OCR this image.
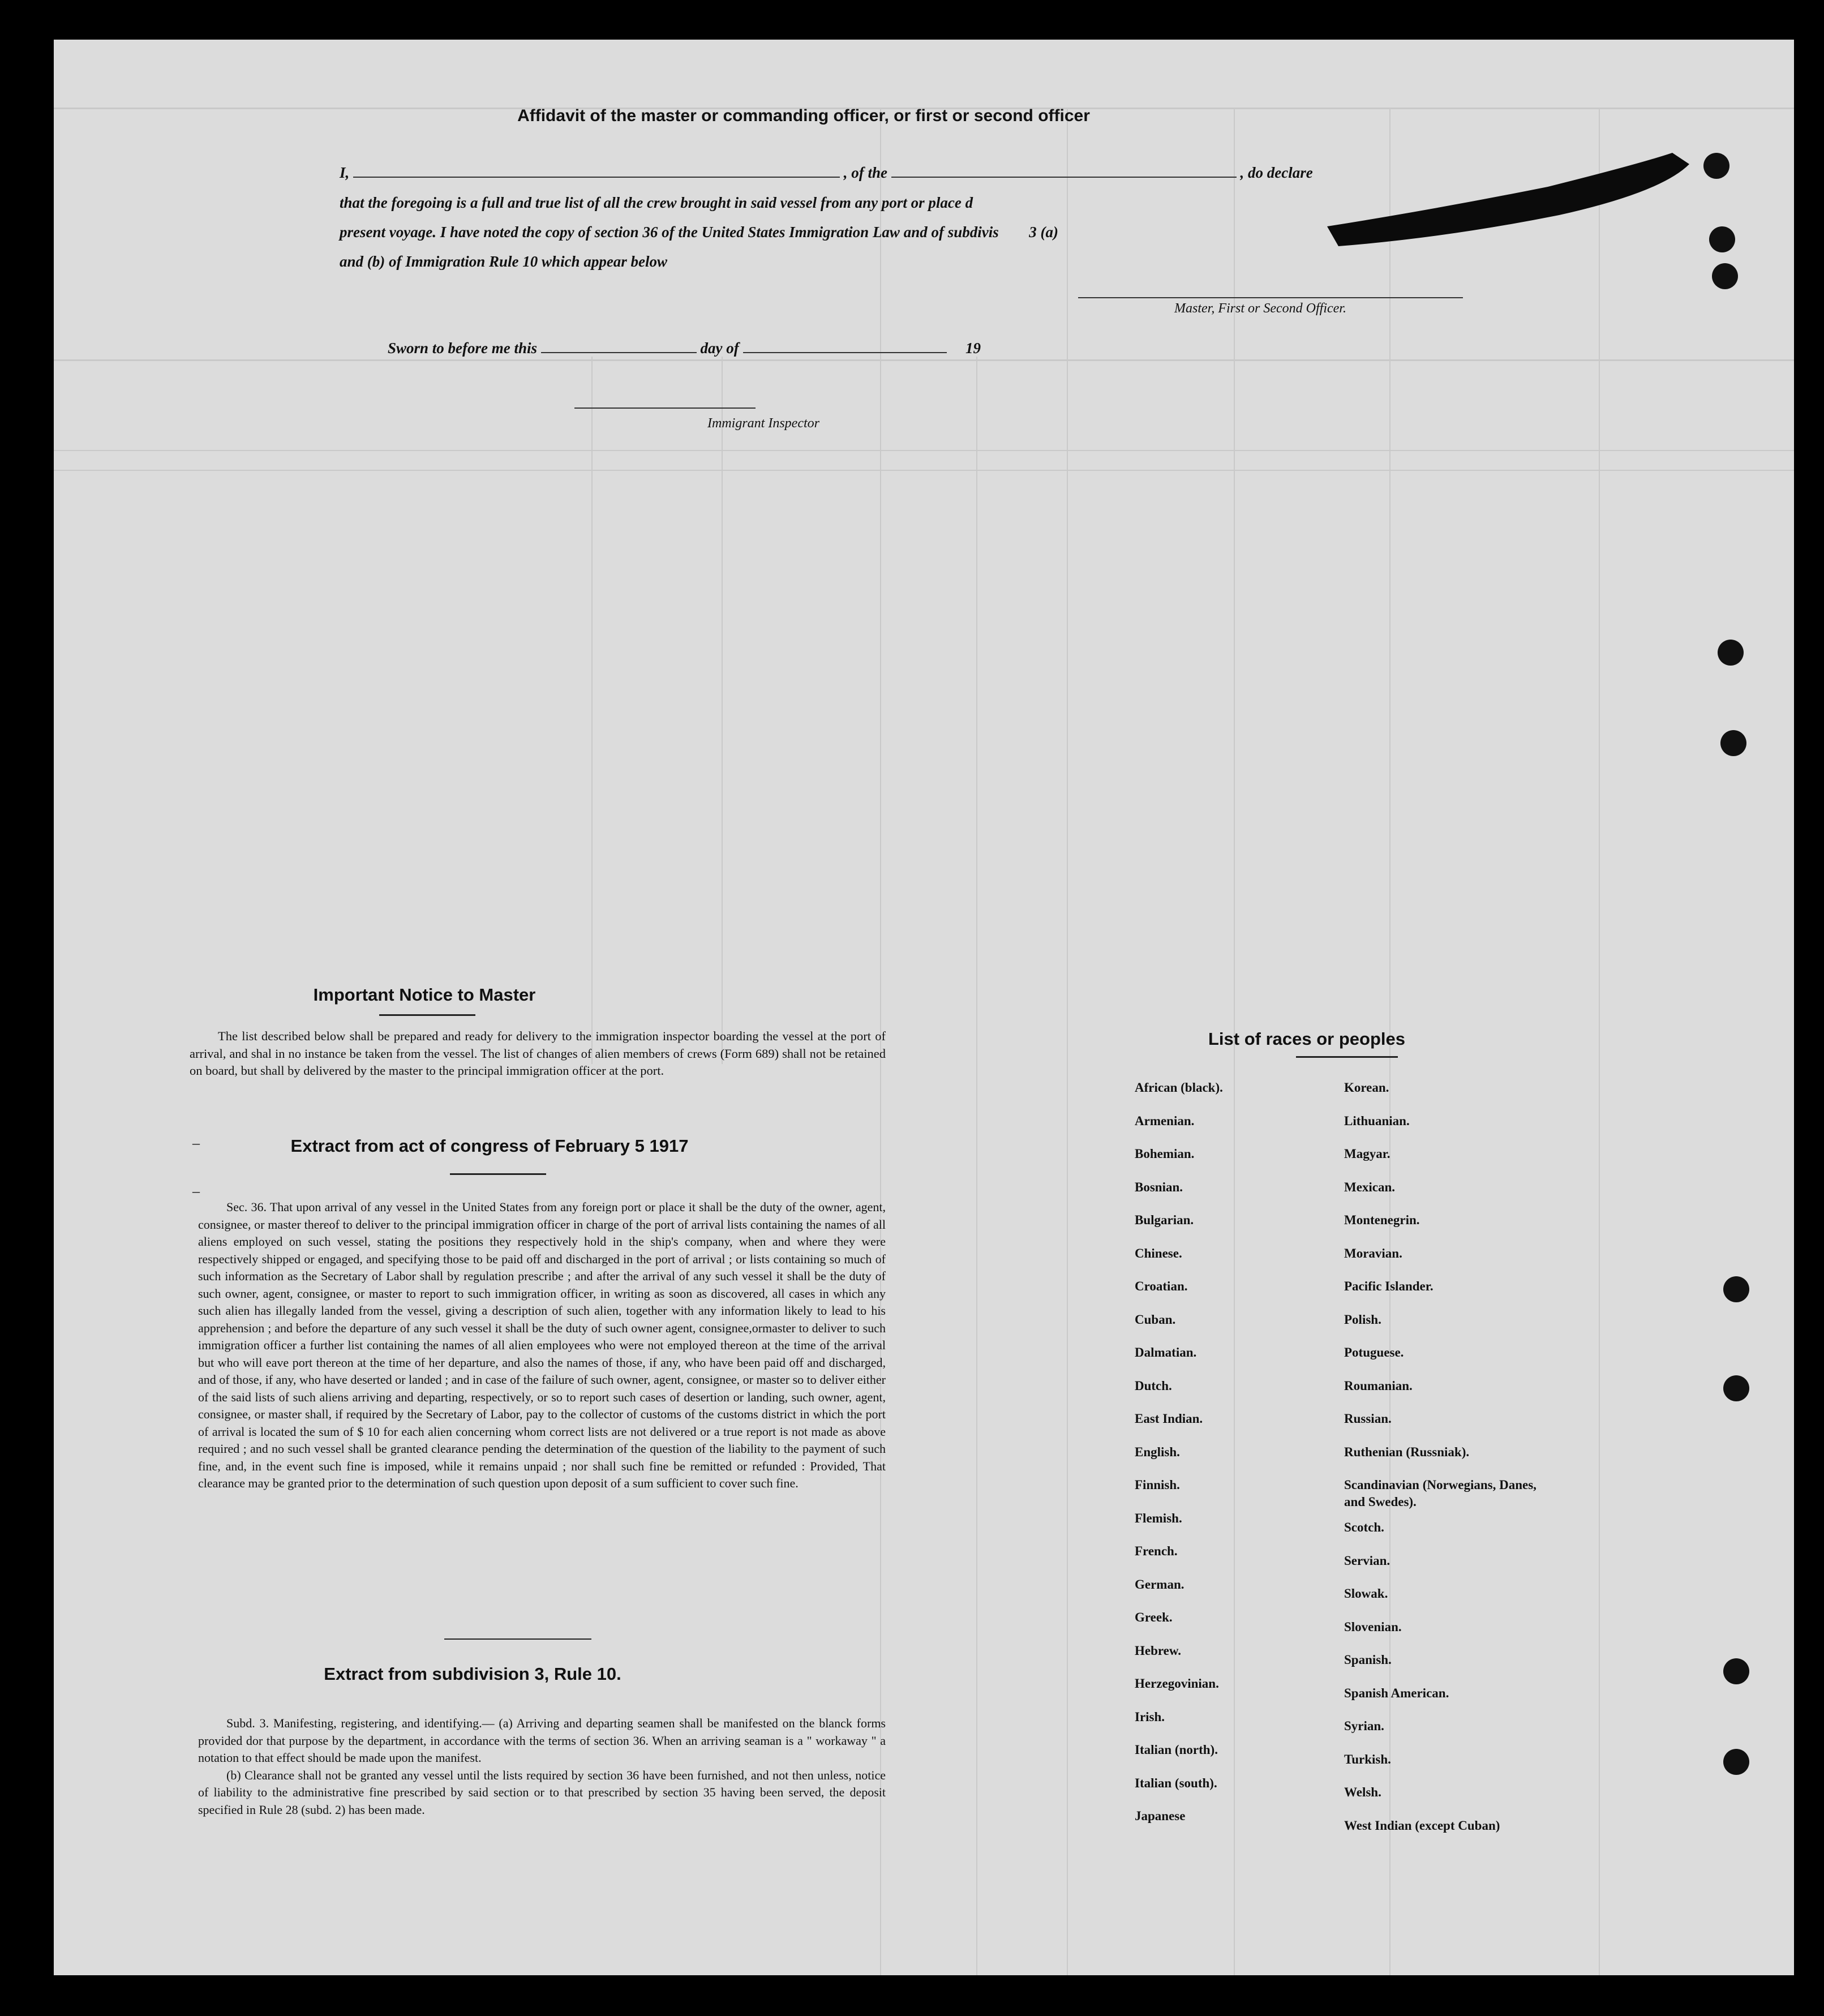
Affidavit of the master or commanding officer, or first or second officer
I,	, of the	, do declare
that the foregoing is a full and true list of all the crew brought in said vessel from any port or place d
present voyage. I have noted the copy of section 36 of the United States Immigration Law and of subdivis 3 (a)
and (b) of Immigration Rule 10 which appear below
Master, First or Second Officer.
Sworn to before me this	day of	19
Immigrant Inspector
Important Notice to Master

The list described below shall be prepared and ready for delivery to the immigration inspector boarding the vessel at the port of arrival, and shal in no instance be taken from the vessel. The list of changes of alien members of crews (Form 689) shall not be retained on board, but shall by delivered by the master to the principal immigration officer at the port.

Extract from act of congress of February 5 1917

Sec. 36. That upon arrival of any vessel in the United States from any foreign port or place it shall be the duty of the owner, agent, consignee, or master thereof to deliver to the principal immigration officer in charge of the port of arrival lists containing the names of all aliens employed on such vessel, stating the positions they respectively hold in the ship's company, when and where they were respectively shipped or engaged, and specifying those to be paid off and discharged in the port of arrival ; or lists containing so much of such information as the Secretary of Labor shall by regulation prescribe ; and after the arrival of any such vessel it shall be the duty of such owner, agent, consignee, or master to report to such immigration officer, in writing as soon as discovered, all cases in which any such alien has illegally landed from the vessel, giving a description of such alien, together with any information likely to lead to his apprehension ; and before the departure of any such vessel it shall be the duty of such owner agent, consignee,ormaster to deliver to such immigration officer a further list containing the names of all alien employees who were not employed thereon at the time of the arrival but who will eave port thereon at the time of her departure, and also the names of those, if any, who have been paid off and discharged, and of those, if any, who have deserted or landed ; and in case of the failure of such owner, agent, consignee, or master so to deliver either of the said lists of such aliens arriving and departing, respectively, or so to report such cases of desertion or landing, such owner, agent, consignee, or master shall, if required by the Secretary of Labor, pay to the collector of customs of the customs district in which the port of arrival is located the sum of $ 10 for each alien concerning whom correct lists are not delivered or a true report is not made as above required ; and no such vessel shall be granted clearance pending the determination of the question of the liability to the payment of such fine, and, in the event such fine is imposed, while it remains unpaid ; nor shall such fine be remitted or refunded : Provided, That clearance may be granted prior to the determination of such question upon deposit of a sum sufficient to cover such fine.

Extract from subdivision 3, Rule 10.

Subd. 3. Manifesting, registering, and identifying.— (a) Arriving and departing seamen shall be manifested on the blanck forms provided dor that purpose by the department, in accordance with the terms of section 36. When an arriving seaman is a " workaway " a notation to that effect should be made upon the manifest.

(b) Clearance shall not be granted any vessel until the lists required by section 36 have been furnished, and not then unless, notice of liability to the administrative fine prescribed by said section or to that prescribed by section 35 having been served, the deposit specified in Rule 28 (subd. 2) has been made.

List of races or peoples
African (black).
Armenian.
Bohemian.
Bosnian.
Bulgarian.
Chinese.
Croatian.
Cuban.
Dalmatian.
Dutch.
East Indian.
English.
Finnish.
Flemish.
French.
German.
Greek.
Hebrew.
Herzegovinian.
Irish.
Italian (north).
Italian (south).
Japanese
Korean.
Lithuanian.
Magyar.
Mexican.
Montenegrin.
Moravian.
Pacific Islander.
Polish.
Potuguese.
Roumanian.
Russian.
Ruthenian (Russniak).
Scandinavian (Norwegians, Danes, and Swedes).
Scotch.
Servian.
Slowak.
Slovenian.
Spanish.
Spanish American.
Syrian.
Turkish.
Welsh.
West Indian (except Cuban)
–
–
